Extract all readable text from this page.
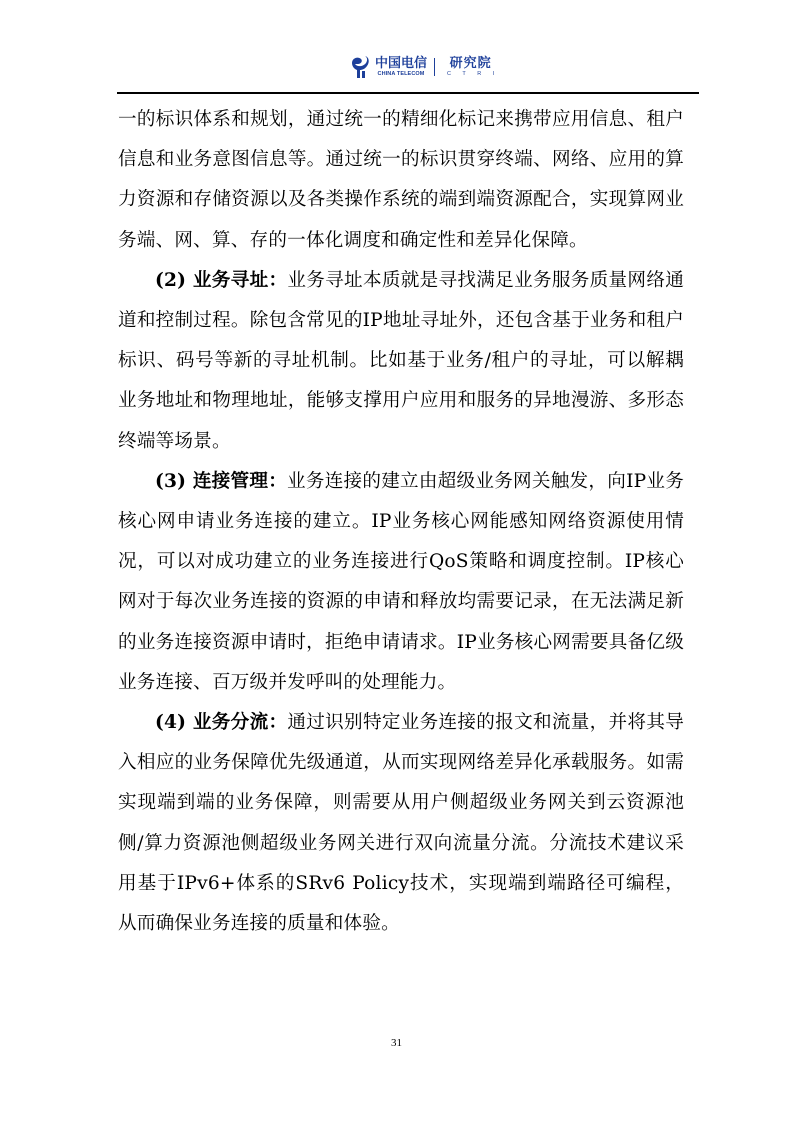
中国电信
CHINA TELECOM
研究院
C T R I

一的标识体系和规划，通过统一的精细化标记来携带应用信息、租户信息和业务意图信息等。通过统一的标识贯穿终端、网络、应用的算力资源和存储资源以及各类操作系统的端到端资源配合，实现算网业务端、网、算、存的一体化调度和确定性和差异化保障。

(2) 业务寻址：业务寻址本质就是寻找满足业务服务质量网络通道和控制过程。除包含常见的IP地址寻址外，还包含基于业务和租户标识、码号等新的寻址机制。比如基于业务/租户的寻址，可以解耦业务地址和物理地址，能够支撑用户应用和服务的异地漫游、多形态终端等场景。

(3) 连接管理：业务连接的建立由超级业务网关触发，向IP业务核心网申请业务连接的建立。IP业务核心网能感知网络资源使用情况，可以对成功建立的业务连接进行QoS策略和调度控制。IP核心网对于每次业务连接的资源的申请和释放均需要记录，在无法满足新的业务连接资源申请时，拒绝申请请求。IP业务核心网需要具备亿级业务连接、百万级并发呼叫的处理能力。

(4) 业务分流：通过识别特定业务连接的报文和流量，并将其导入相应的业务保障优先级通道，从而实现网络差异化承载服务。如需实现端到端的业务保障，则需要从用户侧超级业务网关到云资源池侧/算力资源池侧超级业务网关进行双向流量分流。分流技术建议采用基于IPv6+体系的SRv6 Policy技术，实现端到端路径可编程，从而确保业务连接的质量和体验。

31
